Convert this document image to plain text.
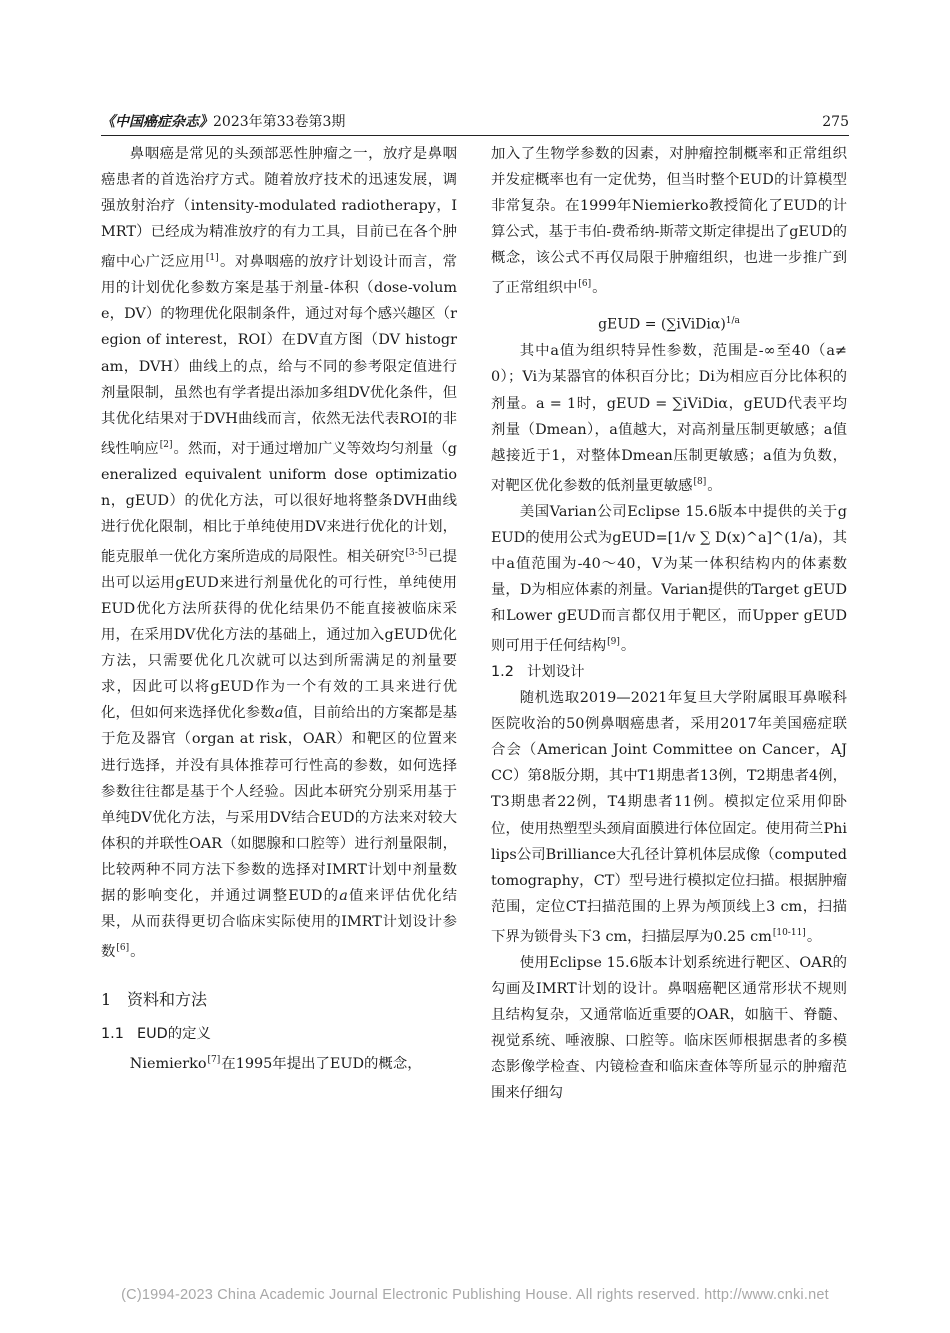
《中国癌症杂志》2023年第33卷第3期	275

鼻咽癌是常见的头颈部恶性肿瘤之一，放疗是鼻咽癌患者的首选治疗方式。随着放疗技术的迅速发展，调强放射治疗（intensity-modulated radiotherapy，IMRT）已经成为精准放疗的有力工具，目前已在各个肿瘤中心广泛应用[1]。对鼻咽癌的放疗计划设计而言，常用的计划优化参数方案是基于剂量-体积（dose-volume，DV）的物理优化限制条件，通过对每个感兴趣区（region of interest，ROI）在DV直方图（DV histogram，DVH）曲线上的点，给与不同的参考限定值进行剂量限制，虽然也有学者提出添加多组DV优化条件，但其优化结果对于DVH曲线而言，依然无法代表ROI的非线性响应[2]。然而，对于通过增加广义等效均匀剂量（generalized equivalent uniform dose optimization，gEUD）的优化方法，可以很好地将整条DVH曲线进行优化限制，相比于单纯使用DV来进行优化的计划，能克服单一优化方案所造成的局限性。相关研究[3-5]已提出可以运用gEUD来进行剂量优化的可行性，单纯使用EUD优化方法所获得的优化结果仍不能直接被临床采用，在采用DV优化方法的基础上，通过加入gEUD优化方法，只需要优化几次就可以达到所需满足的剂量要求，因此可以将gEUD作为一个有效的工具来进行优化，但如何来选择优化参数a值，目前给出的方案都是基于危及器官（organ at risk，OAR）和靶区的位置来进行选择，并没有具体推荐可行性高的参数，如何选择参数往往都是基于个人经验。因此本研究分别采用基于单纯DV优化方法，与采用DV结合EUD的方法来对较大体积的并联性OAR（如腮腺和口腔等）进行剂量限制，比较两种不同方法下参数的选择对IMRT计划中剂量数据的影响变化，并通过调整EUD的a值来评估优化结果，从而获得更切合临床实际使用的IMRT计划设计参数[6]。

1 资料和方法
1.1 EUD的定义

Niemierko[7]在1995年提出了EUD的概念，

加入了生物学参数的因素，对肿瘤控制概率和正常组织并发症概率也有一定优势，但当时整个EUD的计算模型非常复杂。在1999年Niemierko教授简化了EUD的计算公式，基于韦伯-费希纳-斯蒂文斯定律提出了gEUD的概念，该公式不再仅局限于肿瘤组织，也进一步推广到了正常组织中[6]。

gEUD = (∑iViDiα)$^{1/a}$

其中a值为组织特异性参数，范围是-∞至40（a≠0）；Vi为某器官的体积百分比；Di为相应百分比体积的剂量。a = 1时，gEUD = ∑iViDiα，gEUD代表平均剂量（Dmean），a值越大，对高剂量压制更敏感；a值越接近于1，对整体Dmean压制更敏感；a值为负数，对靶区优化参数的低剂量更敏感[8]。

美国Varian公司Eclipse 15.6版本中提供的关于gEUD的使用公式为gEUD=[1/v ∑ D(x)^a]^(1/a)，其中a值范围为-40～40，V为某一体积结构内的体素数量，D为相应体素的剂量。Varian提供的Target gEUD和Lower gEUD而言都仅用于靶区，而Upper gEUD则可用于任何结构[9]。

1.2 计划设计

随机选取2019—2021年复旦大学附属眼耳鼻喉科医院收治的50例鼻咽癌患者，采用2017年美国癌症联合会（American Joint Committee on Cancer，AJCC）第8版分期，其中T1期患者13例，T2期患者4例，T3期患者22例，T4期患者11例。模拟定位采用仰卧位，使用热塑型头颈肩面膜进行体位固定。使用荷兰Philips公司Brilliance大孔径计算机体层成像（computed tomography，CT）型号进行模拟定位扫描。根据肿瘤范围，定位CT扫描范围的上界为颅顶线上3 cm，扫描下界为锁骨头下3 cm，扫描层厚为0.25 cm[10-11]。

使用Eclipse 15.6版本计划系统进行靶区、OAR的勾画及IMRT计划的设计。鼻咽癌靶区通常形状不规则且结构复杂，又通常临近重要的OAR，如脑干、脊髓、视觉系统、唾液腺、口腔等。临床医师根据患者的多模态影像学检查、内镜检查和临床查体等所显示的肿瘤范围来仔细勾

(C)1994-2023 China Academic Journal Electronic Publishing House. All rights reserved. http://www.cnki.net
